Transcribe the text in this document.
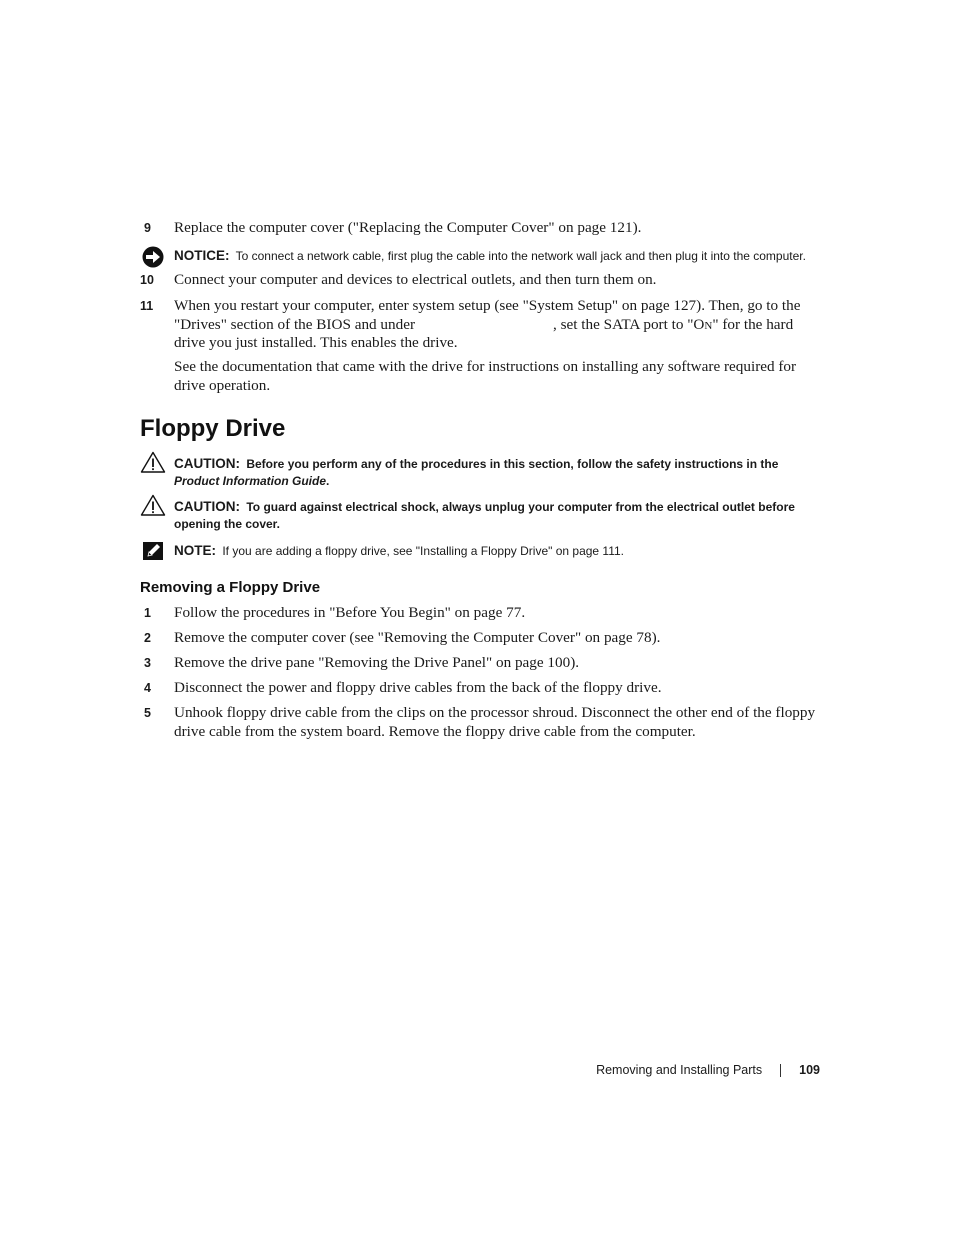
9 Replace the computer cover ("Replacing the Computer Cover" on page 121).
NOTICE: To connect a network cable, first plug the cable into the network wall jack and then plug it into the computer.
10 Connect your computer and devices to electrical outlets, and then turn them on.
11 When you restart your computer, enter system setup (see "System Setup" on page 127). Then, go to the "Drives" section of the BIOS and under	, set the SATA port to "On" for the hard drive you just installed. This enables the drive.
See the documentation that came with the drive for instructions on installing any software required for drive operation.
Floppy Drive
CAUTION: Before you perform any of the procedures in this section, follow the safety instructions in the Product Information Guide.
CAUTION: To guard against electrical shock, always unplug your computer from the electrical outlet before opening the cover.
NOTE: If you are adding a floppy drive, see "Installing a Floppy Drive" on page 111.
Removing a Floppy Drive
1 Follow the procedures in "Before You Begin" on page 77.
2 Remove the computer cover (see "Removing the Computer Cover" on page 78).
3 Remove the drive pane "Removing the Drive Panel" on page 100).
4 Disconnect the power and floppy drive cables from the back of the floppy drive.
5 Unhook floppy drive cable from the clips on the processor shroud. Disconnect the other end of the floppy drive cable from the system board. Remove the floppy drive cable from the computer.
Removing and Installing Parts	109
